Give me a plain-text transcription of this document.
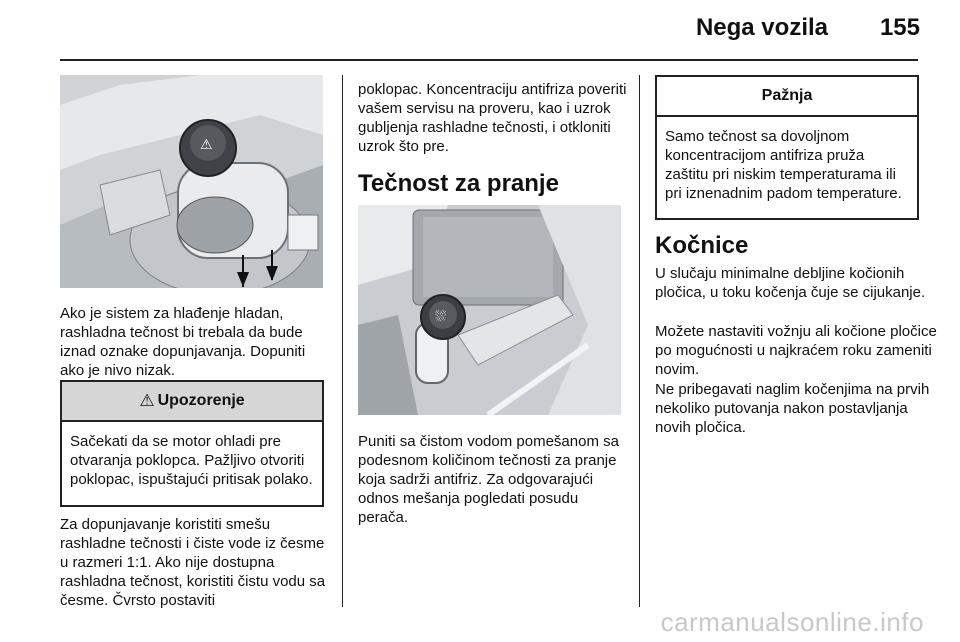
Nega vozila 155
⚠

Ako je sistem za hlađenje hladan, rashladna tečnost bi trebala da bude iznad oznake dopunjavanja. Dopuniti ako je nivo nizak.

⚠ Upozorenje
Sačekati da se motor ohladi pre otvaranja poklopca. Pažljivo otvoriti poklopac, ispuštajući pritisak polako.

Za dopunjavanje koristiti smešu rashladne tečnosti i čiste vode iz česme u razmeri 1:1. Ako nije dostupna rashladna tečnost, koristiti čistu vodu sa česme. Čvrsto postaviti

poklopac. Koncentraciju antifriza poveriti vašem servisu na proveru, kao i uzrok gubljenja rashladne tečnosti, i otkloniti uzrok što pre.

Tečnost za pranje
⛆

Puniti sa čistom vodom pomešanom sa podesnom količinom tečnosti za pranje koja sadrži antifriz. Za odgovarajući odnos mešanja pogledati posudu perača.

Pažnja
Samo tečnost sa dovoljnom koncentracijom antifriza pruža zaštitu pri niskim temperaturama ili pri iznenadnim padom temperature.
Kočnice

U slučaju minimalne debljine kočionih pločica, u toku kočenja čuje se cijukanje.

Možete nastaviti vožnju ali kočione pločice po mogućnosti u najkraćem roku zameniti novim.

Ne pribegavati naglim kočenjima na prvih nekoliko putovanja nakon postavljanja novih pločica.

carmanualsonline.info
